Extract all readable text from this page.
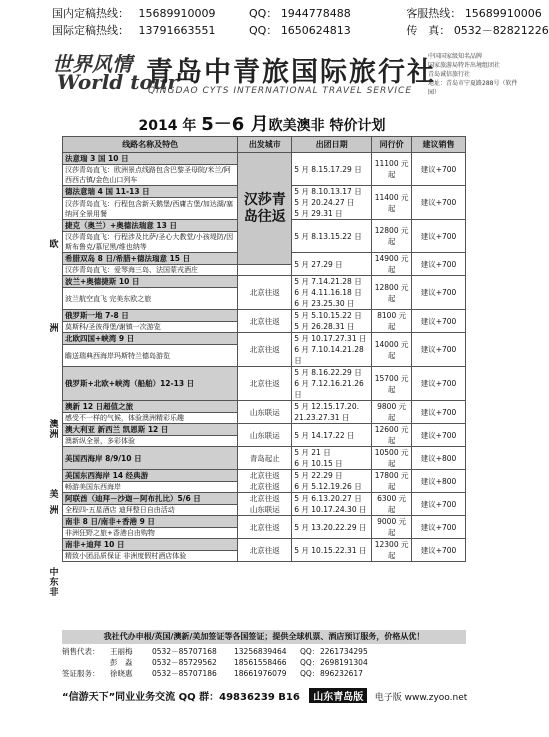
国内定稿热线： 15689910009	QQ： 1944778488	客服热线： 15689910006
国际定稿热线： 13791663551	QQ： 1650624813	传　真： 0532－82821226
世界风情
World tour
青岛中青旅国际旅行社
QINGDAO CYTS INTERNATIONAL TRAVEL SERVICE
中国国家级知名品牌
国家旅游局特许出境组团社
青岛诚信旅行社
地址：青岛市宁夏路288号（软件园）
2014 年 5－6 月欧美澳非 特价计划
欧
洲
澳
洲
美
洲
中
东
非
线路名称及特色	出发城市	出团日期	同行价	建议销售
法意瑞 3 国 10 日	汉莎青岛往返	5 月 8.15.17.29 日	11100 元起	建议+700
汉莎青岛直飞：欧洲景点线路包含巴黎圣母院/米兰/阿西西古镇/金色山口列车				
德法意瑞 4 国 11-13 日		5 月 8.10.13.17 日
5 月 20.24.27 日
5 月 29.31 日	11400 元起	建议+700
汉莎青岛直飞：行程包含新天鹅堡/西庸古堡/加达湖/塞纳河全景用餐				
捷克（奥兰）+奥德法瑞意 13 日		5 月 8.13.15.22 日	12800 元起	建议+700
汉莎青岛直飞：行程涉及比萨/圣心大教堂/小孩堤防/因斯布鲁克/慕尼黑/维也纳等				
希腊双岛 8 日/希腊+德法瑞意 15 日		5 月 27.29 日	14900 元起	建议+700
汉莎青岛直飞：爱琴海三岛、法国蒙戎酒庄				
波兰+奥德捷斯 10 日	北京往返	5 月 7.14.21.28 日
6 月 4.11.16.18 日
6 月 23.25.30 日	12800 元起	建议+700
波兰航空直飞 完美东欧之旅				
俄罗斯一地 7-8 日	北京往返	5 月 5.10.15.22 日
5 月 26.28.31 日	8100 元起	建议+700
莫斯科/圣彼得堡/谢镇一次游览				
北欧四国+峡湾 9 日	北京往返	5 月 10.17.27.31 日
6 月 7.10.14.21.28 日	14000 元起	建议+700
瞻送瑞典西海岸玛斯特兰德岛游览				
俄罗斯+北欧+峡湾（船舶）12-13 日	北京往返	5 月 8.16.22.29 日
6 月 7.12.16.21.26 日	15700 元起	建议+700
澳新 12 日超值之旅	山东联运	5 月 12.15.17.20.
21.23.27.31 日	9800 元起	建议+700
感受不一样的气候，体验澳洲精彩乐趣				
澳大利亚 新西兰 凯恩斯 12 日	山东联运	5 月 14.17.22 日	12600 元起	建议+700
澳新纵全景，多彩体验				
美国西海岸 8/9/10 日	青岛起止	5 月 21 日
6 月 10.15 日	10500 元起	建议+800
美国东西海岸 14 经典游	北京往返
北京往返	5 月 22.29 日
6 月 5.12.19.26 日	17800 元起	建议+800
畅游美国东西海岸				
阿联酋（迪拜－沙迦－阿布扎比）5/6 日	北京往返
山东联运	5 月 6.13.20.27 日
6 月 10.17.24.30 日	6300 元起	建议+700
全程四-五星酒店 迪拜整日自由活动				
南非 8 日/南非+香港 9 日	北京往返	5 月 13.20.22.29 日	9000 元起	建议+700
非洲狂野之旅+香港自由购物				
南非+迪拜 10 日	北京往返	5 月 10.15.22.31 日	12300 元起	建议+700
精致小团品质保证 非洲度假村酒店体验				
我社代办申根/英国/澳新/美加签证等各国签证；提供全球机票、酒店预订服务，价格从优！
销售代表： 王丽梅	0532－85707168 13256839464 QQ：2261734295
彭　淼	0532－85729562 18561558466 QQ：2698191304
签证服务： 徐晓惠	0532－85707186 18661976079 QQ：896232617
“信游天下”同业业务交流 QQ 群：49836239 B16 山东青岛版 电子版 www.zyoo.net
